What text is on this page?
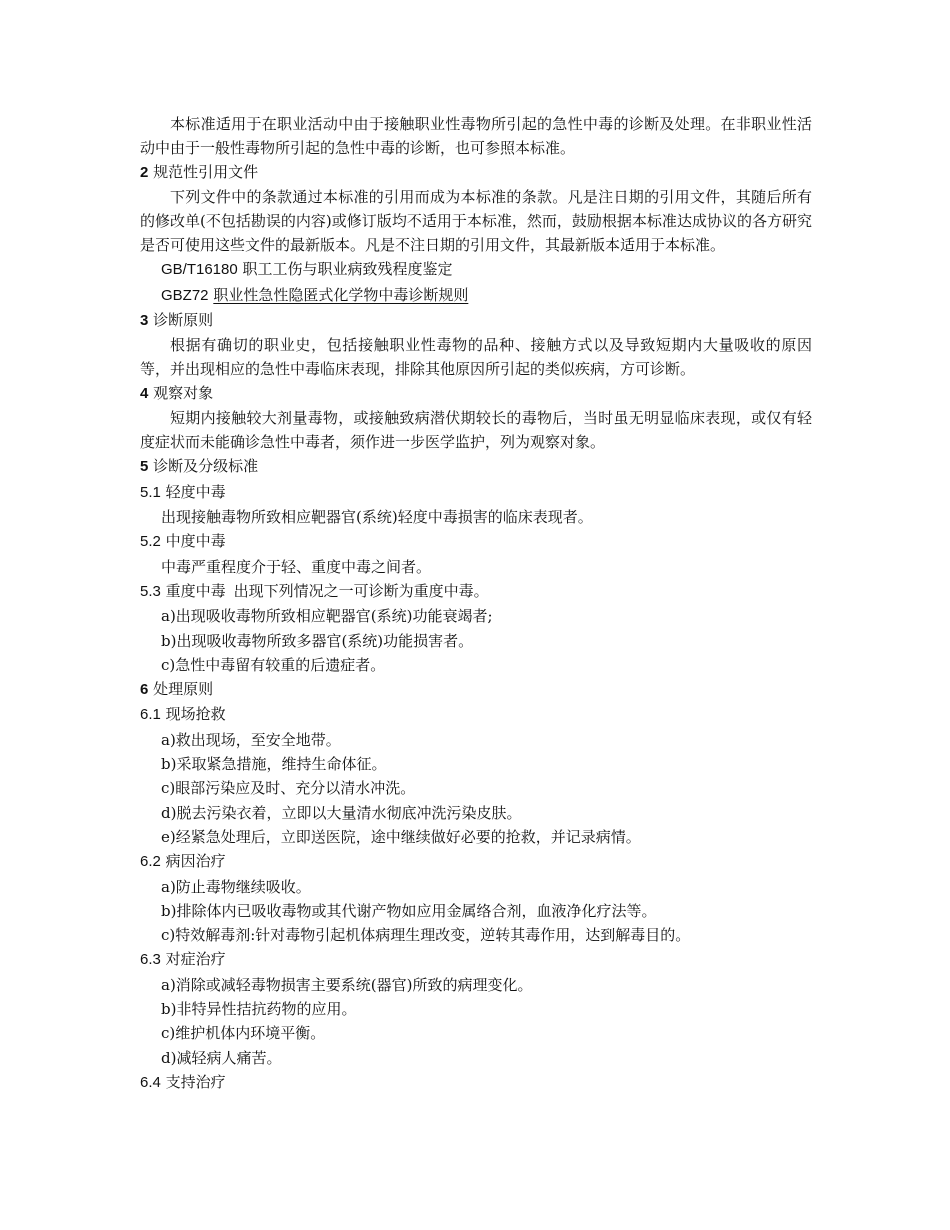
本标准适用于在职业活动中由于接触职业性毒物所引起的急性中毒的诊断及处理。在非职业性活动中由于一般性毒物所引起的急性中毒的诊断，也可参照本标准。

2 规范性引用文件

下列文件中的条款通过本标准的引用而成为本标准的条款。凡是注日期的引用文件，其随后所有的修改单(不包括勘误的内容)或修订版均不适用于本标准，然而，鼓励根据本标准达成协议的各方研究是否可使用这些文件的最新版本。凡是不注日期的引用文件，其最新版本适用于本标准。

GB/T16180 职工工伤与职业病致残程度鉴定

GBZ72 职业性急性隐匿式化学物中毒诊断规则

3 诊断原则

根据有确切的职业史，包括接触职业性毒物的品种、接触方式以及导致短期内大量吸收的原因等，并出现相应的急性中毒临床表现，排除其他原因所引起的类似疾病，方可诊断。

4 观察对象

短期内接触较大剂量毒物，或接触致病潜伏期较长的毒物后，当时虽无明显临床表现，或仅有轻度症状而未能确诊急性中毒者，须作进一步医学监护，列为观察对象。

5 诊断及分级标准

5.1 轻度中毒

出现接触毒物所致相应靶器官(系统)轻度中毒损害的临床表现者。

5.2 中度中毒

中毒严重程度介于轻、重度中毒之间者。

5.3 重度中毒 出现下列情况之一可诊断为重度中毒。

a)出现吸收毒物所致相应靶器官(系统)功能衰竭者;

b)出现吸收毒物所致多器官(系统)功能损害者。

c)急性中毒留有较重的后遗症者。

6 处理原则

6.1 现场抢救

a)救出现场，至安全地带。

b)采取紧急措施，维持生命体征。

c)眼部污染应及时、充分以清水冲洗。

d)脱去污染衣着，立即以大量清水彻底冲洗污染皮肤。

e)经紧急处理后，立即送医院，途中继续做好必要的抢救，并记录病情。

6.2 病因治疗

a)防止毒物继续吸收。

b)排除体内已吸收毒物或其代谢产物如应用金属络合剂，血液净化疗法等。

c)特效解毒剂:针对毒物引起机体病理生理改变，逆转其毒作用，达到解毒目的。

6.3 对症治疗

a)消除或减轻毒物损害主要系统(器官)所致的病理变化。

b)非特异性拮抗药物的应用。

c)维护机体内环境平衡。

d)减轻病人痛苦。

6.4 支持治疗
